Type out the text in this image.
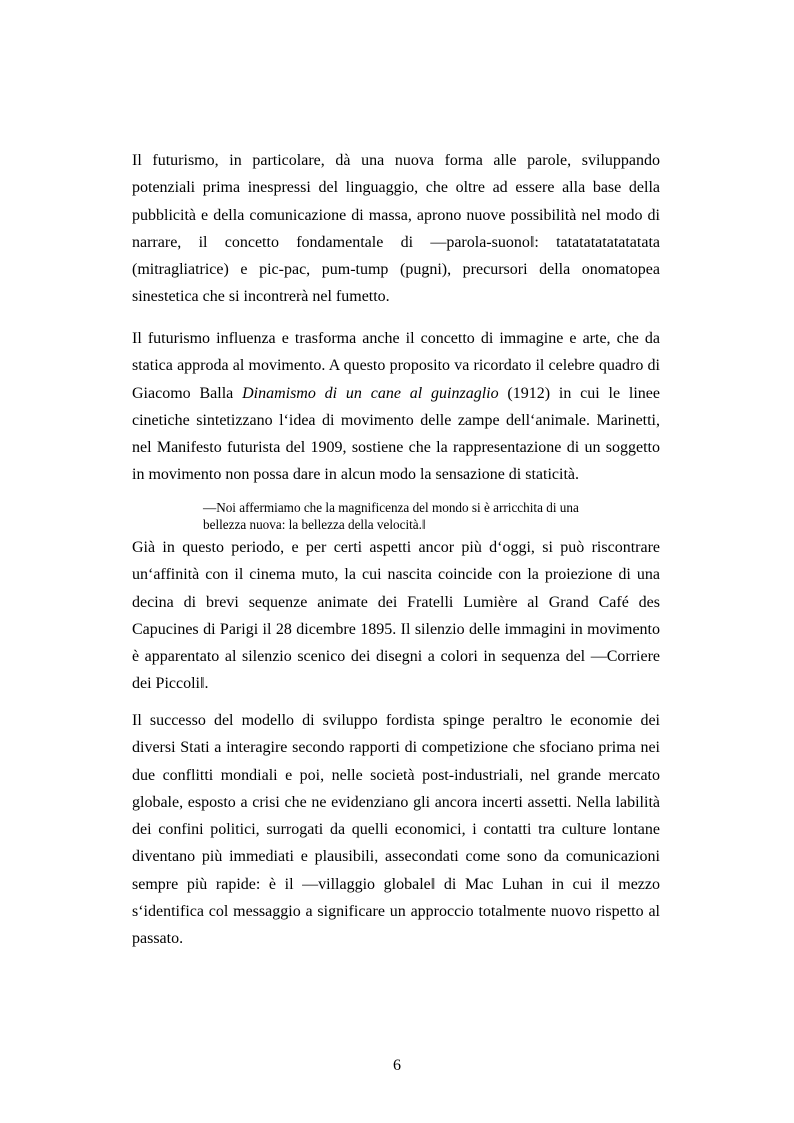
Il futurismo, in particolare, dà una nuova forma alle parole, sviluppando potenziali prima inespressi del linguaggio, che oltre ad essere alla base della pubblicità e della comunicazione di massa, aprono nuove possibilità nel modo di narrare, il concetto fondamentale di ―parola-suono‖: tatatatatatatatata (mitragliatrice) e pic-pac, pum-tump (pugni), precursori della onomatopea sinestetica che si incontrerà nel fumetto.

Il futurismo influenza e trasforma anche il concetto di immagine e arte, che da statica approda al movimento. A questo proposito va ricordato il celebre quadro di Giacomo Balla Dinamismo di un cane al guinzaglio (1912) in cui le linee cinetiche sintetizzano l‘idea di movimento delle zampe dell‘animale. Marinetti, nel Manifesto futurista del 1909, sostiene che la rappresentazione di un soggetto in movimento non possa dare in alcun modo la sensazione di staticità.

―Noi affermiamo che la magnificenza del mondo si è arricchita di una bellezza nuova: la bellezza della velocità.‖

Già in questo periodo, e per certi aspetti ancor più d‘oggi, si può riscontrare un‘affinità con il cinema muto, la cui nascita coincide con la proiezione di una decina di brevi sequenze animate dei Fratelli Lumière al Grand Café des Capucines di Parigi il 28 dicembre 1895. Il silenzio delle immagini in movimento è apparentato al silenzio scenico dei disegni a colori in sequenza del ―Corriere dei Piccoli‖.

Il successo del modello di sviluppo fordista spinge peraltro le economie dei diversi Stati a interagire secondo rapporti di competizione che sfociano prima nei due conflitti mondiali e poi, nelle società post-industriali, nel grande mercato globale, esposto a crisi che ne evidenziano gli ancora incerti assetti. Nella labilità dei confini politici, surrogati da quelli economici, i contatti tra culture lontane diventano più immediati e plausibili, assecondati come sono da comunicazioni sempre più rapide: è il ―villaggio globale‖ di Mac Luhan in cui il mezzo s‘identifica col messaggio a significare un approccio totalmente nuovo rispetto al passato.

6
